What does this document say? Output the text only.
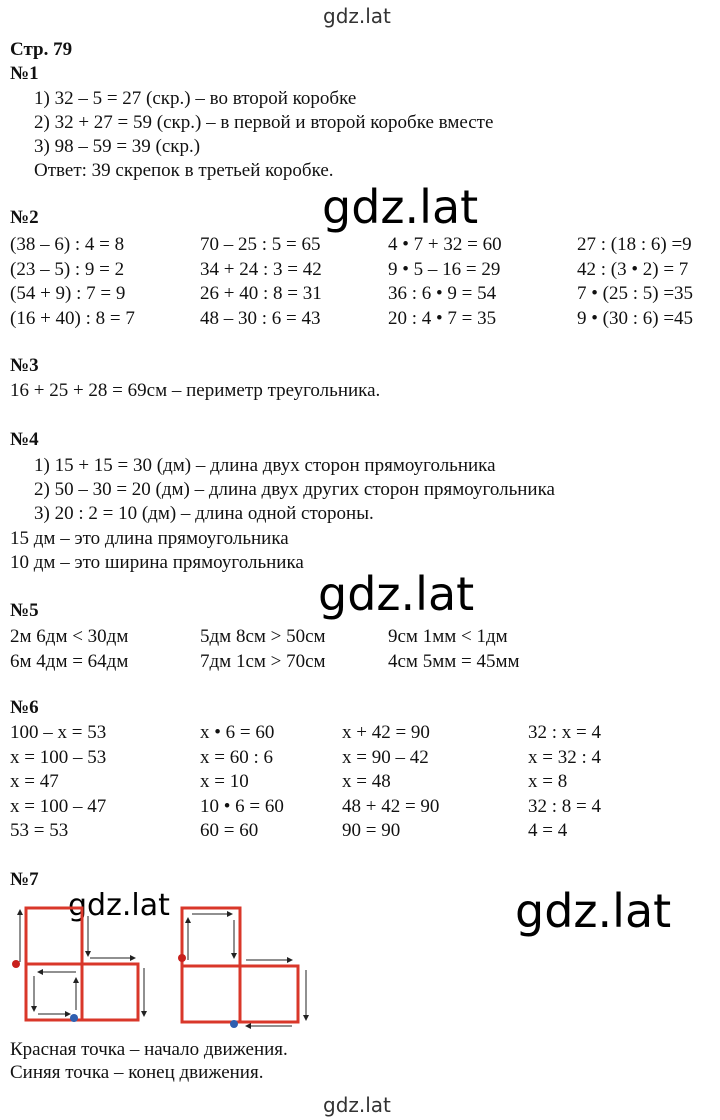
gdz.lat
gdz.lat
gdz.lat
gdz.lat	gdz.lat
gdz.lat
Стр. 79
№1
1) 32 – 5 = 27 (скр.) – во второй коробке
2) 32 + 27 = 59 (скр.) – в первой и второй коробке вместе
3) 98 – 59 = 39 (скр.)
Ответ: 39 скрепок в третьей коробке.
№2
(38 – 6) : 4 = 8	70 – 25 : 5 = 65	4 • 7 + 32 = 60	27 : (18 : 6) =9
(23 – 5) : 9 = 2	34 + 24 : 3 = 42	9 • 5 – 16 = 29	42 : (3 • 2) = 7
(54 + 9) : 7 = 9	26 + 40 : 8 = 31	36 : 6 • 9 = 54	7 • (25 : 5) =35
(16 + 40) : 8 = 7	48 – 30 : 6 = 43	20 : 4 • 7 = 35	9 • (30 : 6) =45
№3
16 + 25 + 28 = 69см – периметр треугольника.
№4
1) 15 + 15 = 30 (дм) – длина двух сторон прямоугольника
2) 50 – 30 = 20 (дм) – длина двух других сторон прямоугольника
3) 20 : 2 = 10 (дм) – длина одной стороны.
15 дм – это длина прямоугольника
10 дм – это ширина прямоугольника
№5
2м 6дм < 30дм	5дм 8см > 50см	9см 1мм < 1дм
6м 4дм = 64дм	7дм 1см > 70см	4см 5мм = 45мм
№6
100 – x = 53	x • 6 = 60	x + 42 = 90	32 : x = 4
x = 100 – 53	x = 60 : 6	x = 90 – 42	x = 32 : 4
x = 47	x = 10	x = 48	x = 8
x = 100 – 47	10 • 6 = 60	48 + 42 = 90	32 : 8 = 4
53 = 53	60 = 60	90 = 90	4 = 4
№7
Красная точка – начало движения.
Синяя точка – конец движения.
